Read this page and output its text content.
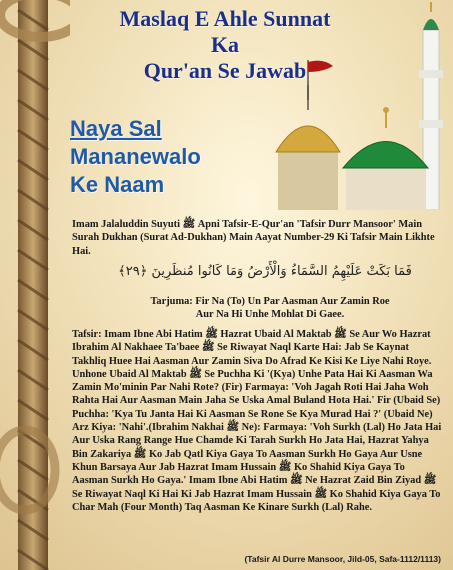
Maslaq E Ahle Sunnat
Ka
Qur'an Se Jawab
Naya Sal
Mananewalo
Ke Naam
Imam Jalaluddin Suyuti ﷺ Apni Tafsir-E-Qur'an 'Tafsir Durr Mansoor' Main Surah Dukhan (Surat Ad-Dukhan) Main Aayat Number-29 Ki Tafsir Main Likhte Hai.
فَمَا بَكَتْ عَلَيْهِمُ السَّمَاءُ وَالْأَرْضُ وَمَا كَانُوا مُنظَرِينَ ﴿٢٩﴾
Tarjuma: Fir Na (To) Un Par Aasman Aur Zamin Roe
Aur Na Hi Unhe Mohlat Di Gaee.
Tafsir: Imam Ibne Abi Hatim ﷺ Hazrat Ubaid Al Maktab ﷺ Se Aur Wo Hazrat Ibrahim Al Nakhaee Ta'baee ﷺ Se Riwayat Naql Karte Hai: Jab Se Kaynat Takhliq Huee Hai Aasman Aur Zamin Siva Do Afrad Ke Kisi Ke Liye Nahi Roye. Unhone Ubaid Al Maktab ﷺ Se Puchha Ki '(Kya) Unhe Pata Hai Ki Aasman Wa Zamin Mo'minin Par Nahi Rote? (Fir) Farmaya: 'Voh Jagah Roti Hai Jaha Woh Rahta Hai Aur Aasman Main Jaha Se Uska Amal Buland Hota Hai.' Fir (Ubaid Se) Puchha: 'Kya Tu Janta Hai Ki Aasman Se Rone Se Kya Murad Hai ?' (Ubaid Ne) Arz Kiya: 'Nahi'.(Ibrahim Nakhai ﷺ Ne): Farmaya: 'Voh Surkh (Lal) Ho Jata Hai Aur Uska Rang Range Hue Chamde Ki Tarah Surkh Ho Jata Hai, Hazrat Yahya Bin Zakariya ﷺ Ko Jab Qatl Kiya Gaya To Aasman Surkh Ho Gaya Aur Usne Khun Barsaya Aur Jab Hazrat Imam Hussain ﷺ Ko Shahid Kiya Gaya To Aasman Surkh Ho Gaya.' Imam Ibne Abi Hatim ﷺ Ne Hazrat Zaid Bin Ziyad ﷺ Se Riwayat Naql Ki Hai Ki Jab Hazrat Imam Hussain ﷺ Ko Shahid Kiya Gaya To Char Mah (Four Month) Taq Aasman Ke Kinare Surkh (Lal) Rahe.
(Tafsir Al Durre Mansoor, Jild-05, Safa-1112/1113)
